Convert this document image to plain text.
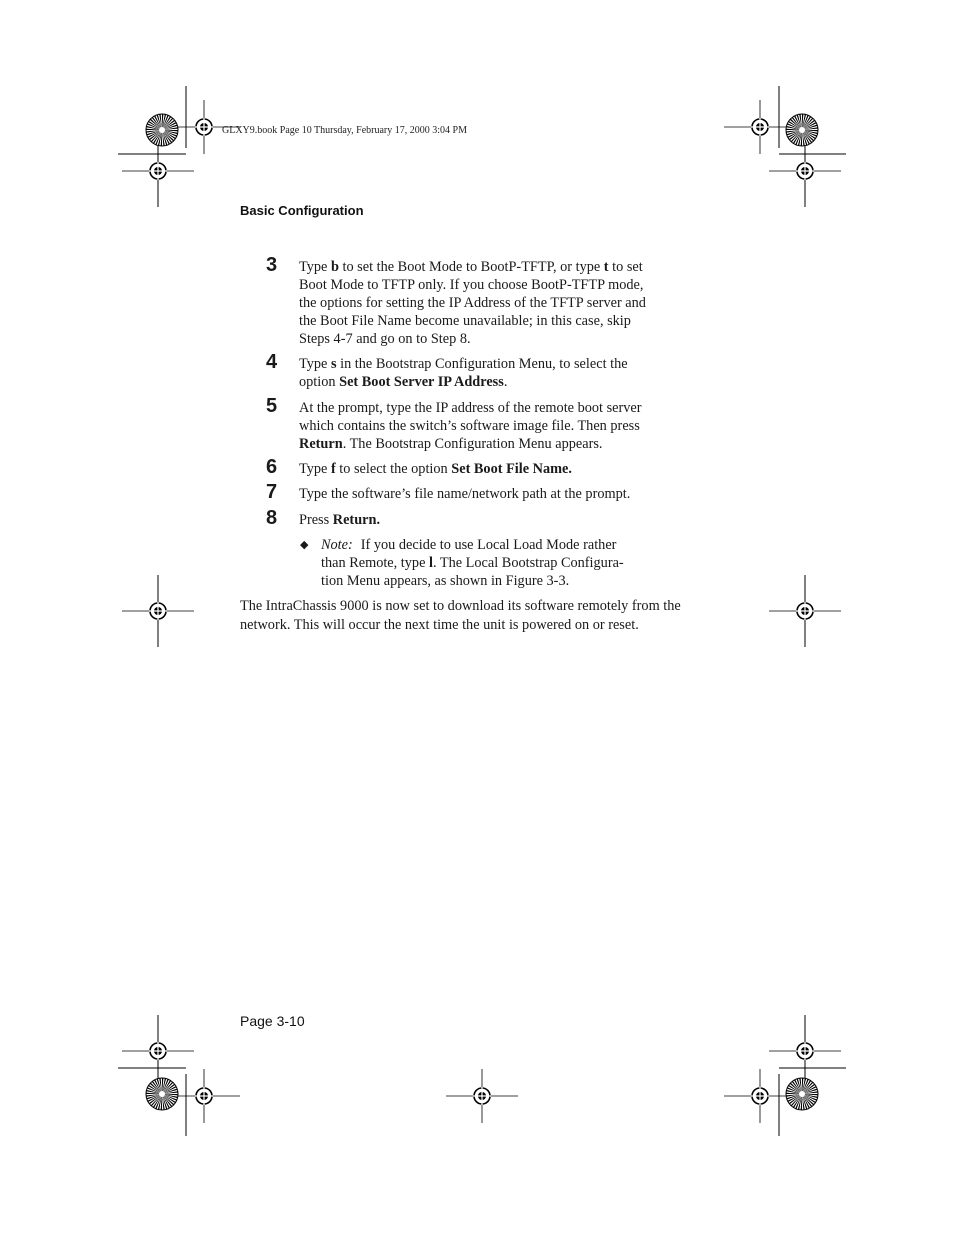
GLXY9.book Page 10 Thursday, February 17, 2000 3:04 PM
Basic Configuration
3 Type b to set the Boot Mode to BootP-TFTP, or type t to set Boot Mode to TFTP only. If you choose BootP-TFTP mode, the options for setting the IP Address of the TFTP server and the Boot File Name become unavailable; in this case, skip Steps 4-7 and go on to Step 8.
4 Type s in the Bootstrap Configuration Menu, to select the option Set Boot Server IP Address.
5 At the prompt, type the IP address of the remote boot server which contains the switch’s software image file. Then press Return. The Bootstrap Configuration Menu appears.
6 Type f to select the option Set Boot File Name.
7 Type the software’s file name/network path at the prompt.
8 Press Return.
◆ Note: If you decide to use Local Load Mode rather than Remote, type l. The Local Bootstrap Configura-tion Menu appears, as shown in Figure 3-3.
The IntraChassis 9000 is now set to download its software remotely from the network. This will occur the next time the unit is powered on or reset.
Page 3-10
